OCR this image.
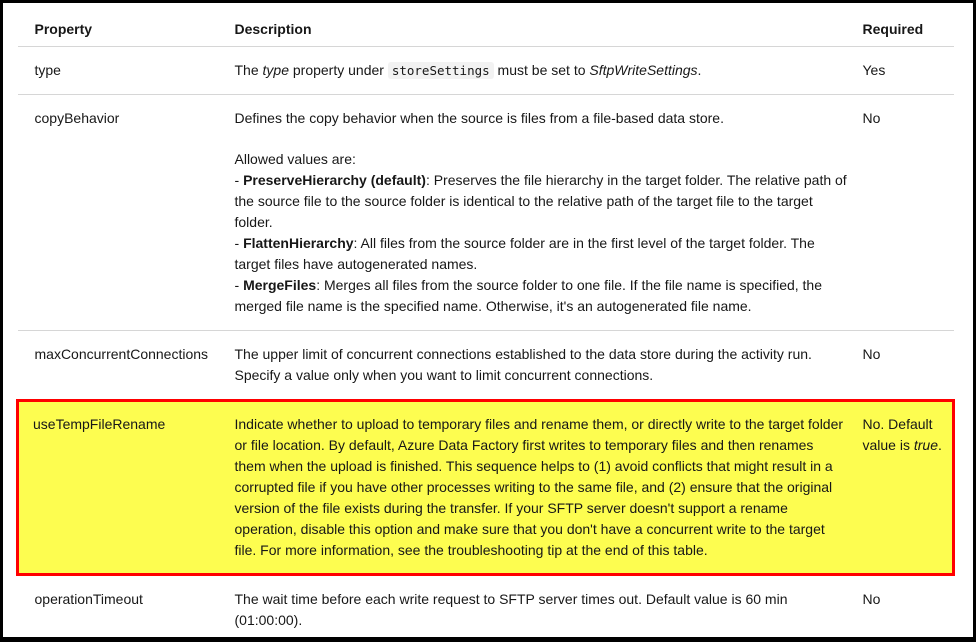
Property	Description	Required
type	The type property under storeSettings must be set to SftpWriteSettings.	Yes
copyBehavior	Defines the copy behavior when the source is files from a file-based data store.

Allowed values are:
- PreserveHierarchy (default): Preserves the file hierarchy in the target folder. The relative path of the source file to the source folder is identical to the relative path of the target file to the target folder.
- FlattenHierarchy: All files from the source folder are in the first level of the target folder. The target files have autogenerated names.
- MergeFiles: Merges all files from the source folder to one file. If the file name is specified, the merged file name is the specified name. Otherwise, it's an autogenerated file name.	No
maxConcurrentConnections	The upper limit of concurrent connections established to the data store during the activity run. Specify a value only when you want to limit concurrent connections.	No
useTempFileRename	Indicate whether to upload to temporary files and rename them, or directly write to the target folder or file location. By default, Azure Data Factory first writes to temporary files and then renames them when the upload is finished. This sequence helps to (1) avoid conflicts that might result in a corrupted file if you have other processes writing to the same file, and (2) ensure that the original version of the file exists during the transfer. If your SFTP server doesn't support a rename operation, disable this option and make sure that you don't have a concurrent write to the target file. For more information, see the troubleshooting tip at the end of this table.	No. Default value is true.
operationTimeout	The wait time before each write request to SFTP server times out. Default value is 60 min (01:00:00).	No
